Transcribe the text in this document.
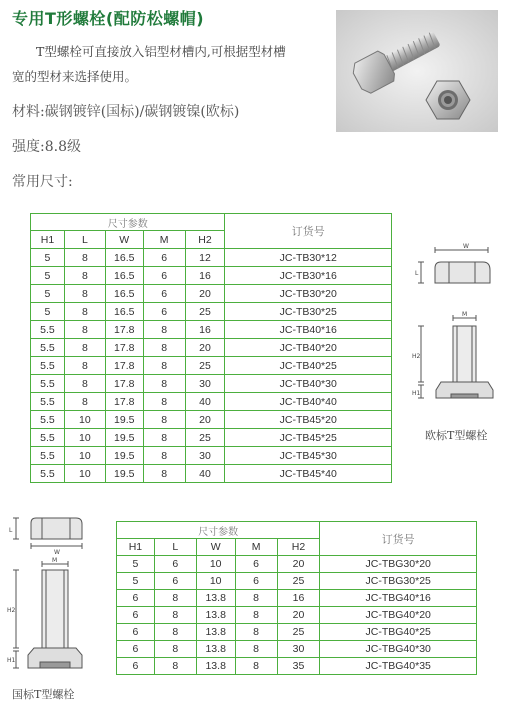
专用T形螺栓(配防松螺帽)
T型螺栓可直接放入铝型材槽内,可根据型材槽
宽的型材来选择使用。
材料:碳钢镀锌(国标)/碳钢镀镍(欧标)
强度:8.8级
常用尺寸:
尺寸参数					订货号
H1	L	W	M	H2	
5	8	16.5	6	12	JC-TB30*12
5	8	16.5	6	16	JC-TB30*16
5	8	16.5	6	20	JC-TB30*20
5	8	16.5	6	25	JC-TB30*25
5.5	8	17.8	8	16	JC-TB40*16
5.5	8	17.8	8	20	JC-TB40*20
5.5	8	17.8	8	25	JC-TB40*25
5.5	8	17.8	8	30	JC-TB40*30
5.5	8	17.8	8	40	JC-TB40*40
5.5	10	19.5	8	20	JC-TB45*20
5.5	10	19.5	8	25	JC-TB45*25
5.5	10	19.5	8	30	JC-TB45*30
5.5	10	19.5	8	40	JC-TB45*40
W
L
M
H2
H1
欧标T型螺栓
L
W
M
H2
H1
国标T型螺栓
尺寸参数					订货号
H1	L	W	M	H2	
5	6	10	6	20	JC-TBG30*20
5	6	10	6	25	JC-TBG30*25
6	8	13.8	8	16	JC-TBG40*16
6	8	13.8	8	20	JC-TBG40*20
6	8	13.8	8	25	JC-TBG40*25
6	8	13.8	8	30	JC-TBG40*30
6	8	13.8	8	35	JC-TBG40*35
